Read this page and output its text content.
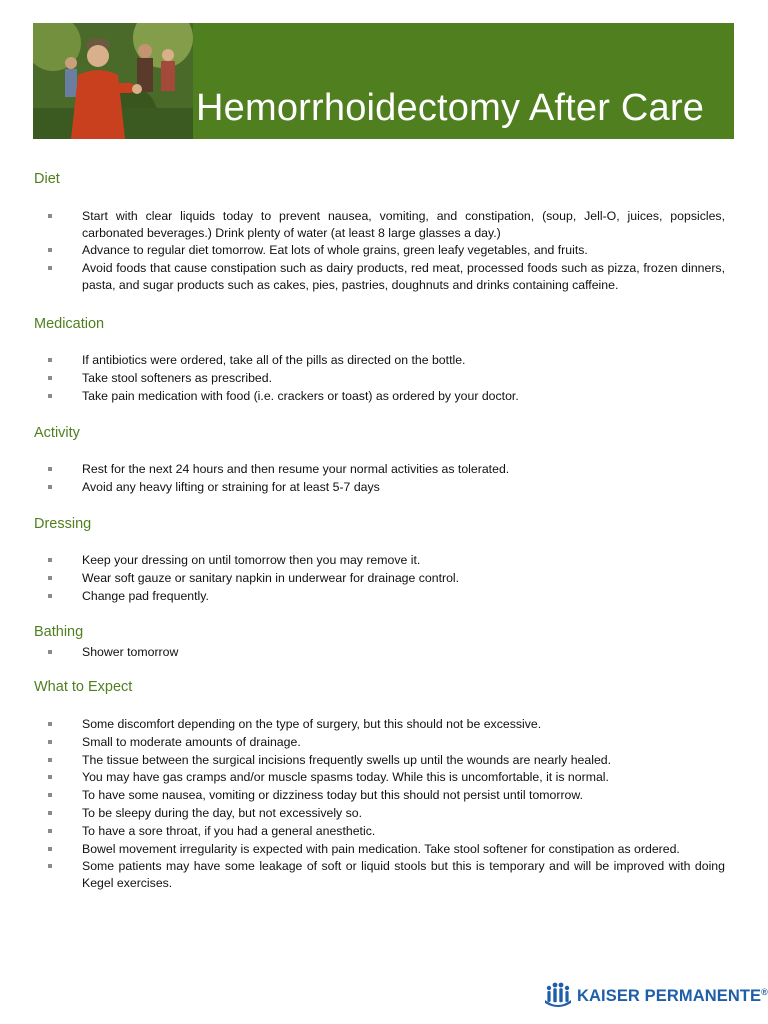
Hemorrhoidectomy After Care
Diet
Start with clear liquids today to prevent nausea, vomiting, and constipation, (soup, Jell-O, juices, popsicles, carbonated beverages.) Drink plenty of water (at least 8 large glasses a day.)
Advance to regular diet tomorrow. Eat lots of whole grains, green leafy vegetables, and fruits.
Avoid foods that cause constipation such as dairy products, red meat, processed foods such as pizza, frozen dinners, pasta, and sugar products such as cakes, pies, pastries, doughnuts and drinks containing caffeine.
Medication
If antibiotics were ordered, take all of the pills as directed on the bottle.
Take stool softeners as prescribed.
Take pain medication with food (i.e. crackers or toast) as ordered by your doctor.
Activity
Rest for the next 24 hours and then resume your normal activities as tolerated.
Avoid any heavy lifting or straining for at least 5-7 days
Dressing
Keep your dressing on until tomorrow then you may remove it.
Wear soft gauze or sanitary napkin in underwear for drainage control.
Change pad frequently.
Bathing
Shower tomorrow
What to Expect
Some discomfort depending on the type of surgery, but this should not be excessive.
Small to moderate amounts of drainage.
The tissue between the surgical incisions frequently swells up until the wounds are nearly healed.
You may have gas cramps and/or muscle spasms today. While this is uncomfortable, it is normal.
To have some nausea, vomiting or dizziness today but this should not persist until tomorrow.
To be sleepy during the day, but not excessively so.
To have a sore throat, if you had a general anesthetic.
Bowel movement irregularity is expected with pain medication. Take stool softener for constipation as ordered.
Some patients may have some leakage of soft or liquid stools but this is temporary and will be improved with doing Kegel exercises.
KAISER PERMANENTE®
